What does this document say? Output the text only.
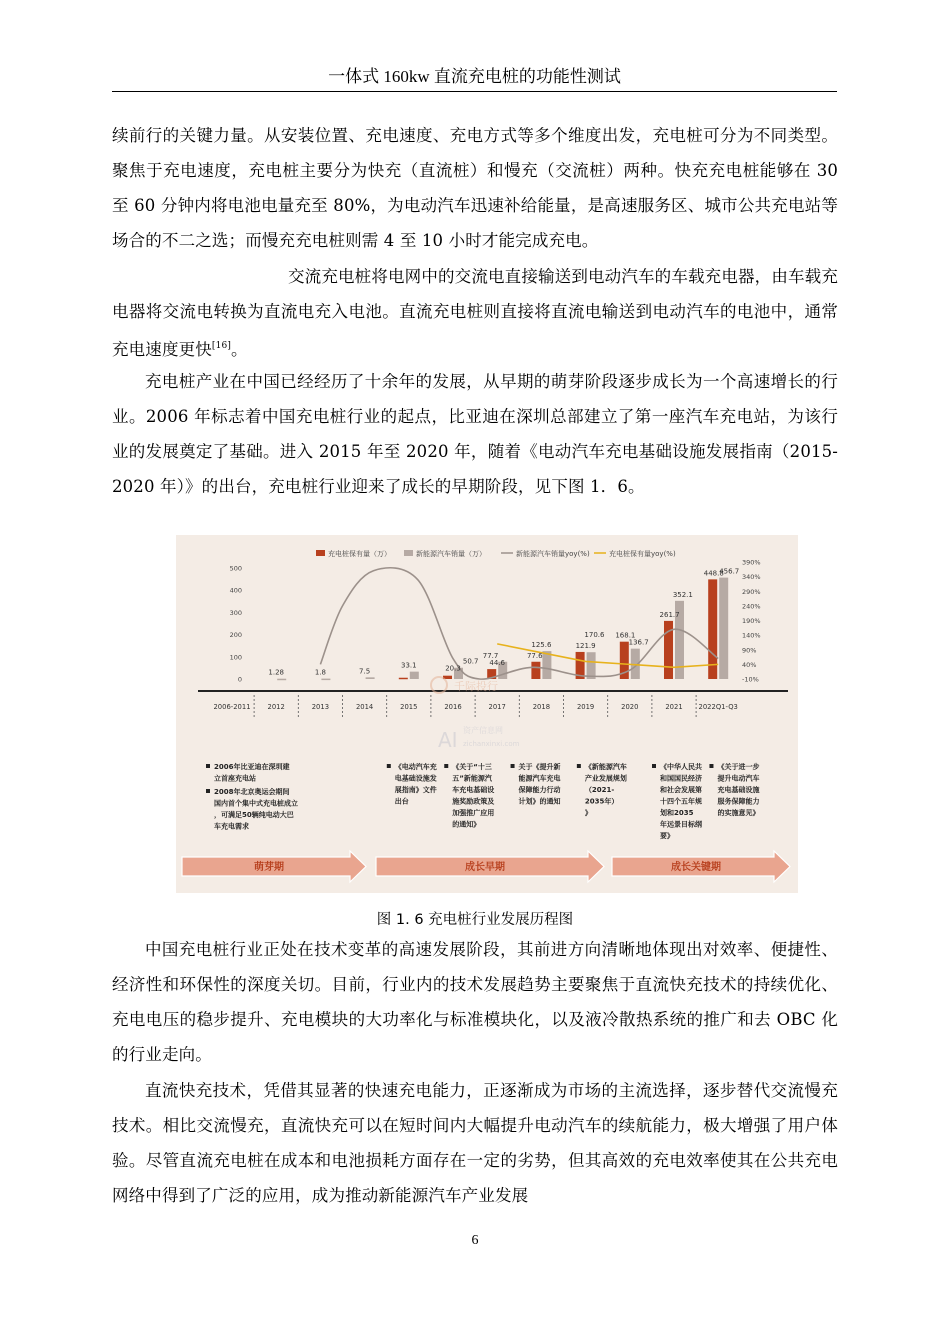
一体式 160kw 直流充电桩的功能性测试
续前行的关键力量。从安装位置、充电速度、充电方式等多个维度出发，充电桩可分为不同类型。聚焦于充电速度，充电桩主要分为快充（直流桩）和慢充（交流桩）两种。快充充电桩能够在 30 至 60 分钟内将电池电量充至 80%，为电动汽车迅速补给能量，是高速服务区、城市公共充电站等场合的不二之选；而慢充充电桩则需 4 至 10 小时才能完成充电。
交流充电桩将电网中的交流电直接输送到电动汽车的车载充电器，由车载充电器将交流电转换为直流电充入电池。直流充电桩则直接将直流电输送到电动汽车的电池中，通常充电速度更快[16]。
充电桩产业在中国已经经历了十余年的发展，从早期的萌芽阶段逐步成长为一个高速增长的行业。2006 年标志着中国充电桩行业的起点，比亚迪在深圳总部建立了第一座汽车充电站，为该行业的发展奠定了基础。进入 2015 年至 2020 年，随着《电动汽车充电基础设施发展指南（2015-2020 年）》的出台，充电桩行业迎来了成长的早期阶段，见下图 1．6。
充电桩保有量（万）	新能源汽车销量（万）	新能源汽车销量yoy(%)	充电桩保有量yoy(%)
0
100
200
300
400
500
-10%
40%
90%
140%
190%
240%
290%
340%
390%
1.28	1.8	7.5
33.1	20.3
50.7 44.6
77.7	77.6
125.6	121.9
170.6 168.1
136.7
261.7
352.1
448.8
456.7
2006-2011	2012	2013	2014	2015	2016	2017	2018	2019	2020	2021 2022Q1-Q3
千际投行
AI 资产信息网
zichanxinxi.com
2006年比亚迪在深圳建立首座充电站
2008年北京奥运会期间国内首个集中式充电桩成立，可满足50辆纯电动大巴车充电需求
《电动汽车充电基础设施发展指南》文件出台
《关于“十三五”新能源汽车充电基础设施奖励政策及加强推广应用的通知》
关于《提升新能源汽车充电保障能力行动计划》的通知
《新能源汽车产业发展规划（2021-2035年）》
《中华人民共和国国民经济和社会发展第十四个五年规划和2035 年远景目标纲要》
《关于进一步提升电动汽车充电基础设施服务保障能力的实施意见》
萌芽期	成长早期	成长关键期
图 1. 6 充电桩行业发展历程图
中国充电桩行业正处在技术变革的高速发展阶段，其前进方向清晰地体现出对效率、便捷性、经济性和环保性的深度关切。目前，行业内的技术发展趋势主要聚焦于直流快充技术的持续优化、充电电压的稳步提升、充电模块的大功率化与标准模块化，以及液冷散热系统的推广和去 OBC 化的行业走向。
直流快充技术，凭借其显著的快速充电能力，正逐渐成为市场的主流选择，逐步替代交流慢充技术。相比交流慢充，直流快充可以在短时间内大幅提升电动汽车的续航能力，极大增强了用户体验。尽管直流充电桩在成本和电池损耗方面存在一定的劣势，但其高效的充电效率使其在公共充电网络中得到了广泛的应用，成为推动新能源汽车产业发展
6
